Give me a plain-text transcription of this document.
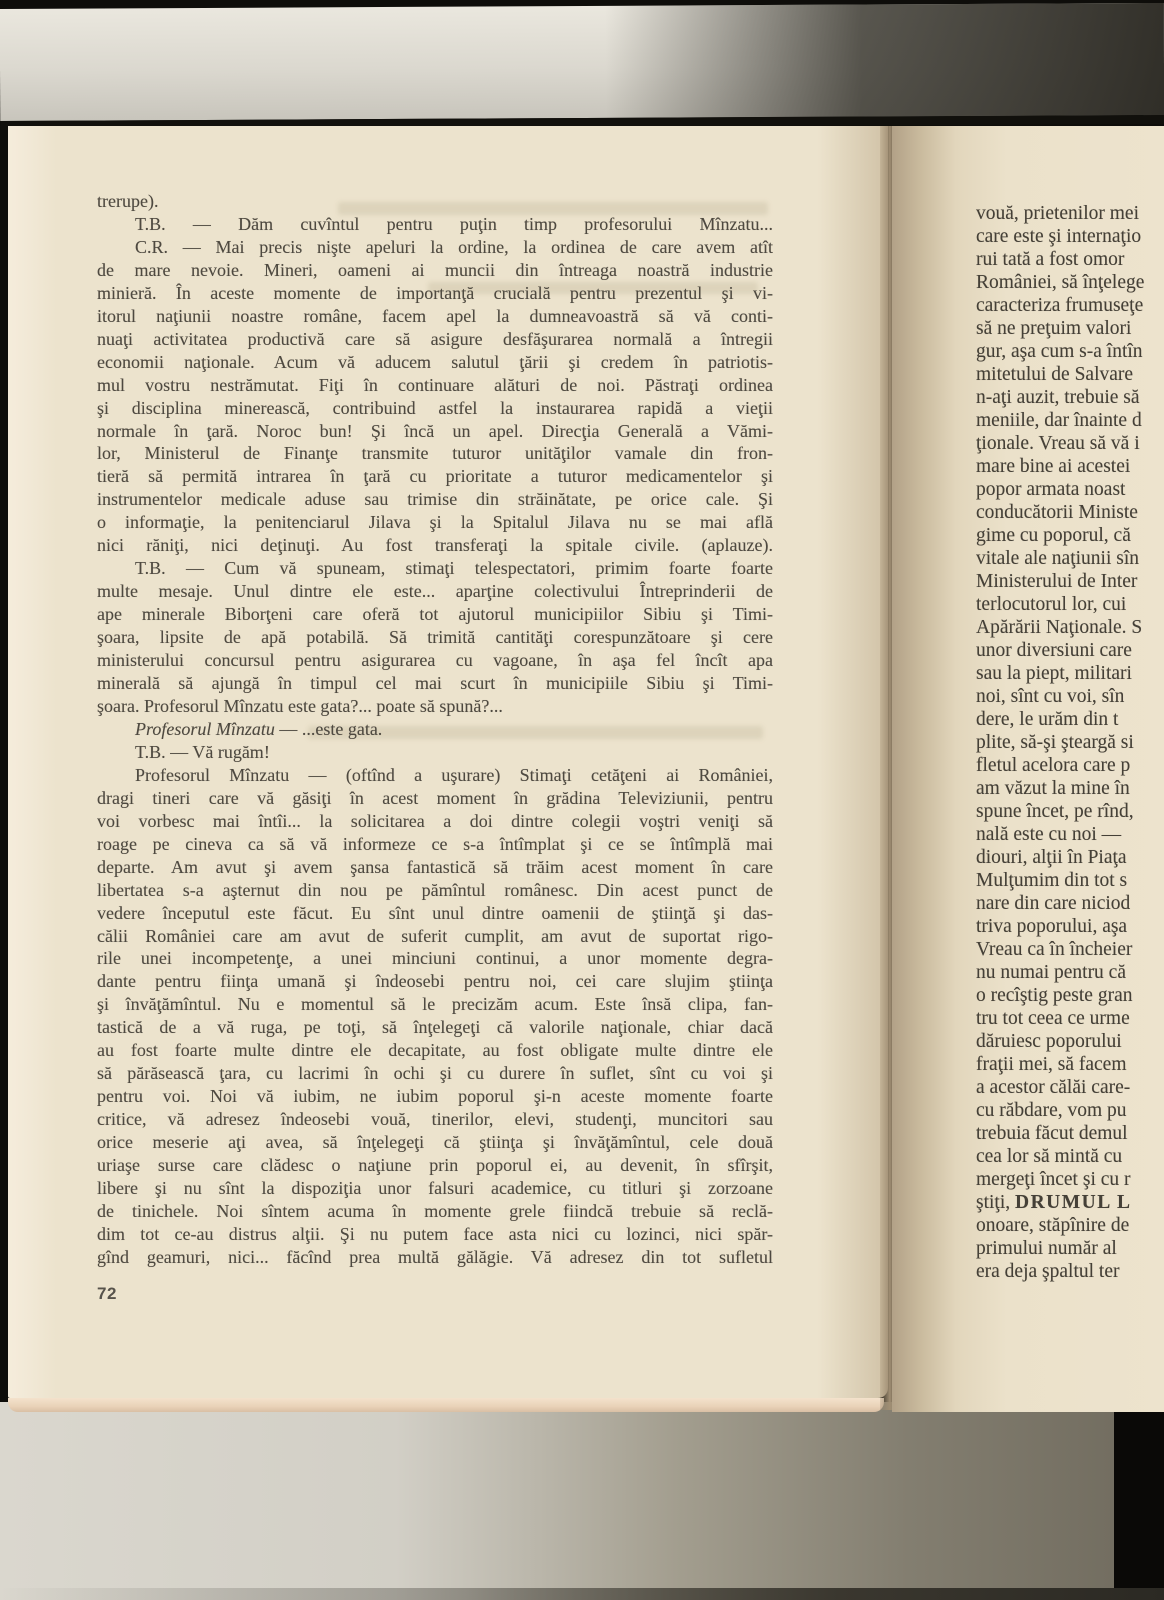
trerupe).
T.B. — Dăm cuvîntul pentru puţin timp profesorului Mînzatu...
C.R. — Mai precis nişte apeluri la ordine, la ordinea de care avem atît
de mare nevoie. Mineri, oameni ai muncii din întreaga noastră industrie
minieră. În aceste momente de importanţă crucială pentru prezentul şi vi-
itorul naţiunii noastre române, facem apel la dumneavoastră să vă conti-
nuaţi activitatea productivă care să asigure desfăşurarea normală a întregii
economii naţionale. Acum vă aducem salutul ţării şi credem în patriotis-
mul vostru nestrămutat. Fiţi în continuare alături de noi. Păstraţi ordinea
şi disciplina minerească, contribuind astfel la instaurarea rapidă a vieţii
normale în ţară. Noroc bun! Şi încă un apel. Direcţia Generală a Vămi-
lor, Ministerul de Finanţe transmite tuturor unităţilor vamale din fron-
tieră să permită intrarea în ţară cu prioritate a tuturor medicamentelor şi
instrumentelor medicale aduse sau trimise din străinătate, pe orice cale. Şi
o informaţie, la penitenciarul Jilava şi la Spitalul Jilava nu se mai află
nici răniţi, nici deţinuţi. Au fost transferaţi la spitale civile. (aplauze).
T.B. — Cum vă spuneam, stimaţi telespectatori, primim foarte foarte
multe mesaje. Unul dintre ele este... aparţine colectivului Întreprinderii de
ape minerale Biborţeni care oferă tot ajutorul municipiilor Sibiu şi Timi-
şoara, lipsite de apă potabilă. Să trimită cantităţi corespunzătoare şi cere
ministerului concursul pentru asigurarea cu vagoane, în aşa fel încît apa
minerală să ajungă în timpul cel mai scurt în municipiile Sibiu şi Timi-
şoara. Profesorul Mînzatu este gata?... poate să spună?...
Profesorul Mînzatu — ...este gata.
T.B. — Vă rugăm!
Profesorul Mînzatu — (oftînd a uşurare) Stimaţi cetăţeni ai României,
dragi tineri care vă găsiţi în acest moment în grădina Televiziunii, pentru
voi vorbesc mai întîi... la solicitarea a doi dintre colegii voştri veniţi să
roage pe cineva ca să vă informeze ce s-a întîmplat şi ce se întîmplă mai
departe. Am avut şi avem şansa fantastică să trăim acest moment în care
libertatea s-a aşternut din nou pe pămîntul românesc. Din acest punct de
vedere începutul este făcut. Eu sînt unul dintre oamenii de ştiinţă şi das-
călii României care am avut de suferit cumplit, am avut de suportat rigo-
rile unei incompetenţe, a unei minciuni continui, a unor momente degra-
dante pentru fiinţa umană şi îndeosebi pentru noi, cei care slujim ştiinţa
şi învăţămîntul. Nu e momentul să le precizăm acum. Este însă clipa, fan-
tastică de a vă ruga, pe toţi, să înţelegeţi că valorile naţionale, chiar dacă
au fost foarte multe dintre ele decapitate, au fost obligate multe dintre ele
să părăsească ţara, cu lacrimi în ochi şi cu durere în suflet, sînt cu voi şi
pentru voi. Noi vă iubim, ne iubim poporul şi-n aceste momente foarte
critice, vă adresez îndeosebi vouă, tinerilor, elevi, studenţi, muncitori sau
orice meserie aţi avea, să înţelegeţi că ştiinţa şi învăţămîntul, cele două
uriaşe surse care clădesc o naţiune prin poporul ei, au devenit, în sfîrşit,
libere şi nu sînt la dispoziţia unor falsuri academice, cu titluri şi zorzoane
de tinichele. Noi sîntem acuma în momente grele fiindcă trebuie să reclă-
dim tot ce-au distrus alţii. Şi nu putem face asta nici cu lozinci, nici spăr-
gînd geamuri, nici... făcînd prea multă gălăgie. Vă adresez din tot sufletul
72
vouă, prietenilor mei
care este şi internaţio
rui tată a fost omor
României, să înţelege
caracteriza frumuseţe
să ne preţuim valori
gur, aşa cum s-a întîn
mitetului de Salvare
n-aţi auzit, trebuie să
meniile, dar înainte d
ţionale. Vreau să vă i
mare bine ai acestei
popor armata noast
conducătorii Ministe
gime cu poporul, că
vitale ale naţiunii sîn
Ministerului de Inter
terlocutorul lor, cui
Apărării Naţionale. S
unor diversiuni care
sau la piept, militari
noi, sînt cu voi, sîn
dere, le urăm din t
plite, să-şi şteargă si
fletul acelora care p
am văzut la mine în
spune încet, pe rînd,
nală este cu noi —
diouri, alţii în Piaţa
Mulţumim din tot s
nare din care niciod
triva poporului, aşa
Vreau ca în încheier
nu numai pentru că
o recîştig peste gran
tru tot ceea ce urme
dăruiesc poporului
fraţii mei, să facem
a acestor călăi care-
cu răbdare, vom pu
trebuia făcut demul
cea lor să mintă cu
mergeţi încet şi cu r
ştiţi, DRUMUL L
onoare, stăpînire de
primului număr al
era deja şpaltul ter
